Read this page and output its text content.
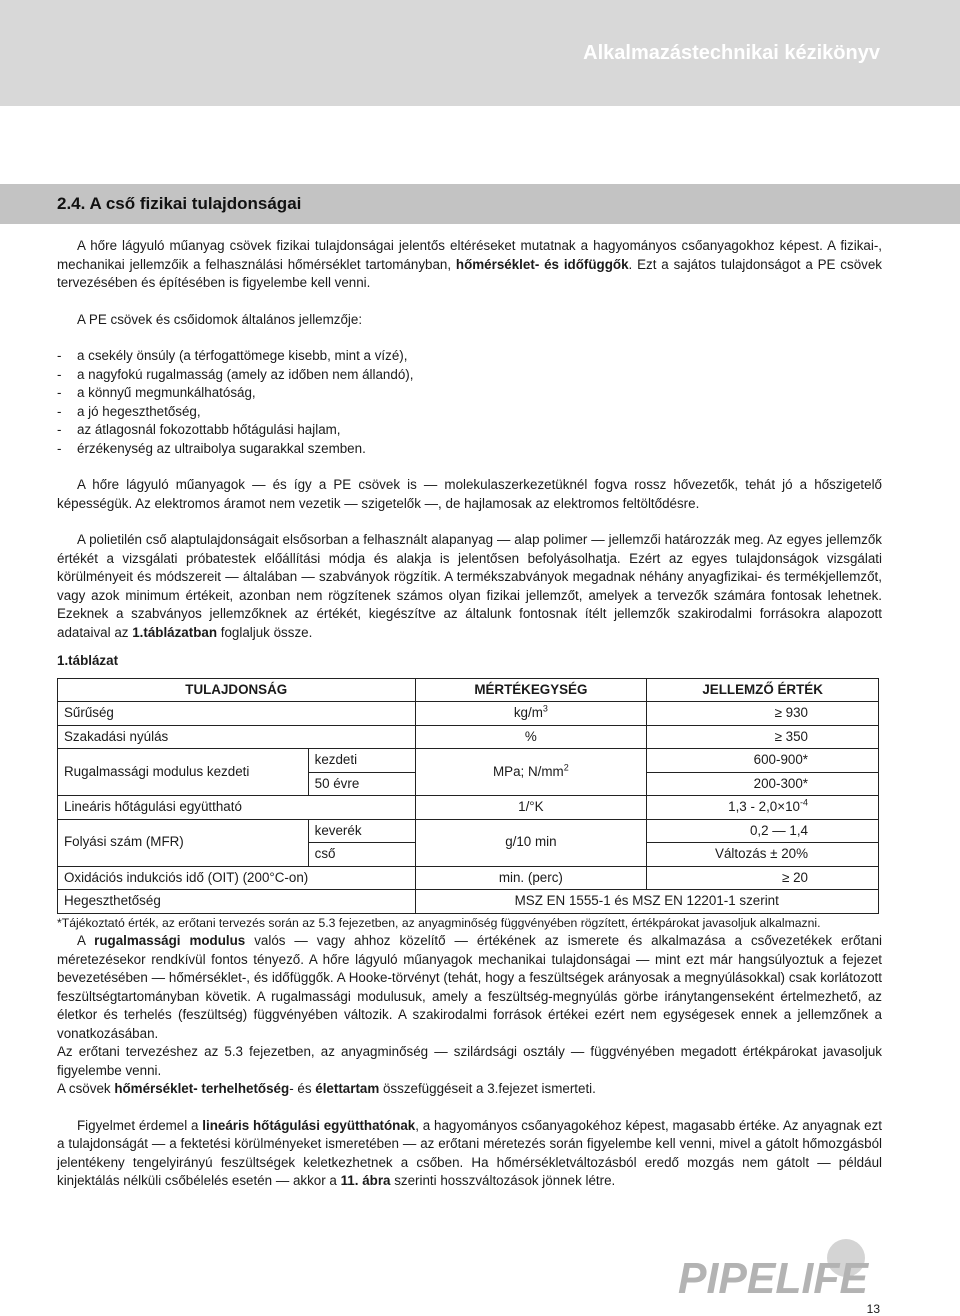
Alkalmazástechnikai kézikönyv
2.4. A cső fizikai tulajdonságai

A hőre lágyuló műanyag csövek fizikai tulajdonságai jelentős eltéréseket mutatnak a hagyományos csőanyagokhoz képest. A fizikai-, mechanikai jellemzőik a felhasználási hőmérséklet tartományban, hőmérséklet- és időfüggők. Ezt a sajátos tulajdonságot a PE csövek tervezésében és építésében is figyelembe kell venni.

A PE csövek és csőidomok általános jellemzője:

- a csekély önsúly (a térfogattömege kisebb, mint a vízé),
- a nagyfokú rugalmasság (amely az időben nem állandó),
- a könnyű megmunkálhatóság,
- a jó hegeszthetőség,
- az átlagosnál fokozottabb hőtágulási hajlam,
- érzékenység az ultraibolya sugarakkal szemben.

A hőre lágyuló műanyagok — és így a PE csövek is — molekulaszerkezetüknél fogva rossz hővezetők, tehát jó a hőszigetelő képességük. Az elektromos áramot nem vezetik — szigetelők —, de hajlamosak az elektromos feltöltődésre.

A polietilén cső alaptulajdonságait elsősorban a felhasznált alapanyag — alap polimer — jellemzői határozzák meg. Az egyes jellemzők értékét a vizsgálati próbatestek előállítási módja és alakja is jelentősen befolyásolhatja. Ezért az egyes tulajdonságok vizsgálati körülményeit és módszereit — általában — szabványok rögzítik. A termékszabványok megadnak néhány anyagfizikai- és termékjellemzőt, vagy azok minimum értékeit, azonban nem rögzítenek számos olyan fizikai jellemzőt, amelyek a tervezők számára fontosak lehetnek. Ezeknek a szabványos jellemzőknek az értékét, kiegészítve az általunk fontosnak ítélt jellemzők szakirodalmi forrásokra alapozott adataival az 1.táblázatban foglaljuk össze.

1.táblázat
TULAJDONSÁG		MÉRTÉKEGYSÉG	JELLEMZŐ ÉRTÉK
Sűrűség		$kg/m^3$	≥ 930
Szakadási nyúlás		%	≥ 350
Rugalmassági modulus kezdeti	kezdeti	MPa; $N/mm^2$	600-900*
	50 évre		200-300*
Lineáris hőtágulási együttható		1/°K	$1,3 - 2,0\times 10^{-4}$
Folyási szám (MFR)	keverék	g/10 min	0,2 — 1,4
	cső		Változás ± 20%
Oxidációs indukciós idő (OIT) (200°C-on)		min. (perc)	≥ 20
Hegeszthetőség		MSZ EN 1555-1 és MSZ EN 12201-1 szerint	

*Tájékoztató érték, az erőtani tervezés során az 5.3 fejezetben, az anyagminőség függvényében rögzített, értékpárokat javasoljuk alkalmazni.

A rugalmassági modulus valós — vagy ahhoz közelítő — értékének az ismerete és alkalmazása a csővezetékek erőtani méretezésekor rendkívül fontos tényező. A hőre lágyuló műanyagok mechanikai tulajdonságai — mint ezt már hangsúlyoztuk a fejezet bevezetésében — hőmérséklet-, és időfüggők. A Hooke-törvényt (tehát, hogy a feszültségek arányosak a megnyúlásokkal) csak korlátozott feszültségtartományban követik. A rugalmassági modulusuk, amely a feszültség-megnyúlás görbe iránytangenseként értelmezhető, az életkor és terhelés (feszültség) függvényében változik. A szakirodalmi források értékei ezért nem egységesek ennek a jellemzőnek a vonatkozásában.

Az erőtani tervezéshez az 5.3 fejezetben, az anyagminőség — szilárdsági osztály — függvényében megadott értékpárokat javasoljuk figyelembe venni.

A csövek hőmérséklet- terhelhetőség- és élettartam összefüggéseit a 3.fejezet ismerteti.

Figyelmet érdemel a lineáris hőtágulási együtthatónak, a hagyományos csőanyagokéhoz képest, magasabb értéke. Az anyagnak ezt a tulajdonságát — a fektetési körülményeket ismeretében — az erőtani méretezés során figyelembe kell venni, mivel a gátolt hőmozgásból jelentékeny tengelyirányú feszültségek keletkezhetnek a csőben. Ha hőmérsékletváltozásból eredő mozgás nem gátolt — például kinjektálás nélküli csőbélelés esetén — akkor a 11. ábra szerinti hosszváltozások jönnek létre.

PIPELIFE
13
